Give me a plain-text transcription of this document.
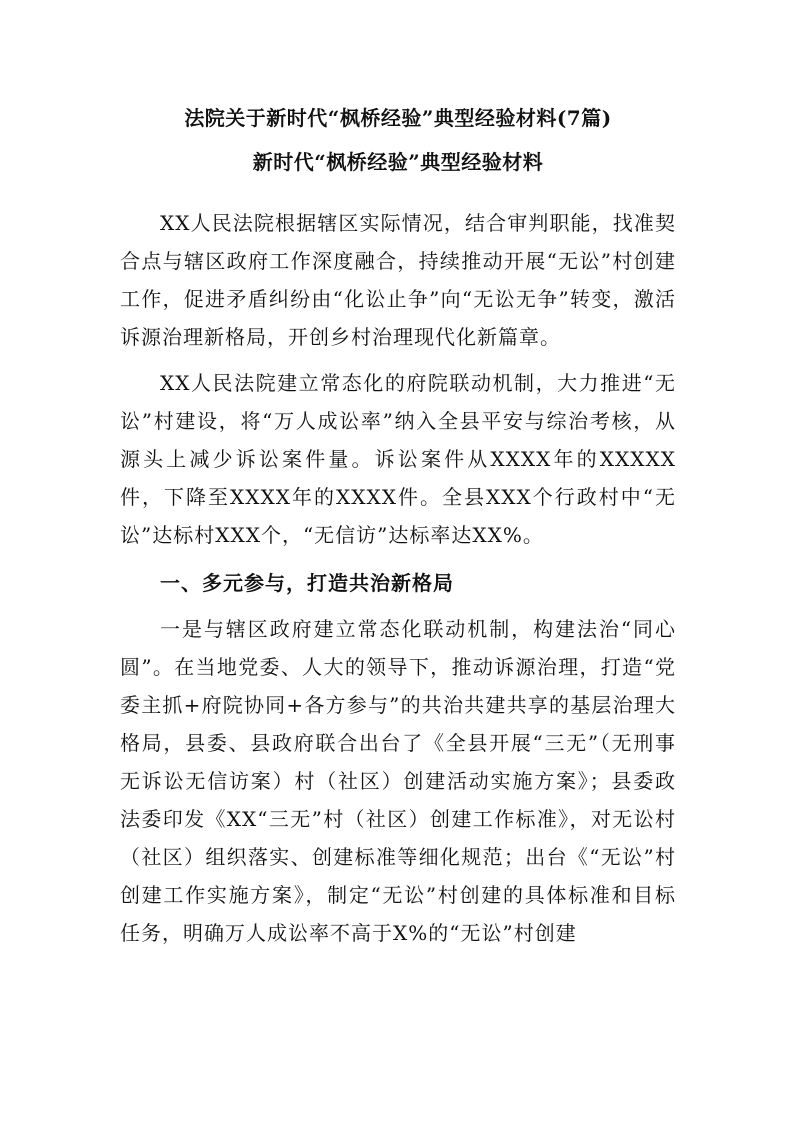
法院关于新时代“枫桥经验”典型经验材料(7篇)

新时代“枫桥经验”典型经验材料

XX人民法院根据辖区实际情况，结合审判职能，找准契合点与辖区政府工作深度融合，持续推动开展“无讼”村创建工作，促进矛盾纠纷由“化讼止争”向“无讼无争”转变，激活诉源治理新格局，开创乡村治理现代化新篇章。

XX人民法院建立常态化的府院联动机制，大力推进“无讼”村建设，将“万人成讼率”纳入全县平安与综治考核，从源头上减少诉讼案件量。诉讼案件从XXXX年的XXXXX件，下降至XXXX年的XXXX件。全县XXX个行政村中“无讼”达标村XXX个，“无信访”达标率达XX%。

一、多元参与，打造共治新格局

一是与辖区政府建立常态化联动机制，构建法治“同心圆”。在当地党委、人大的领导下，推动诉源治理，打造“党委主抓+府院协同+各方参与”的共治共建共享的基层治理大格局，县委、县政府联合出台了《全县开展“三无”（无刑事无诉讼无信访案）村（社区）创建活动实施方案》；县委政法委印发《XX“三无”村（社区）创建工作标准》，对无讼村（社区）组织落实、创建标准等细化规范；出台《“无讼”村创建工作实施方案》，制定“无讼”村创建的具体标准和目标任务，明确万人成讼率不高于X%的“无讼”村创建
